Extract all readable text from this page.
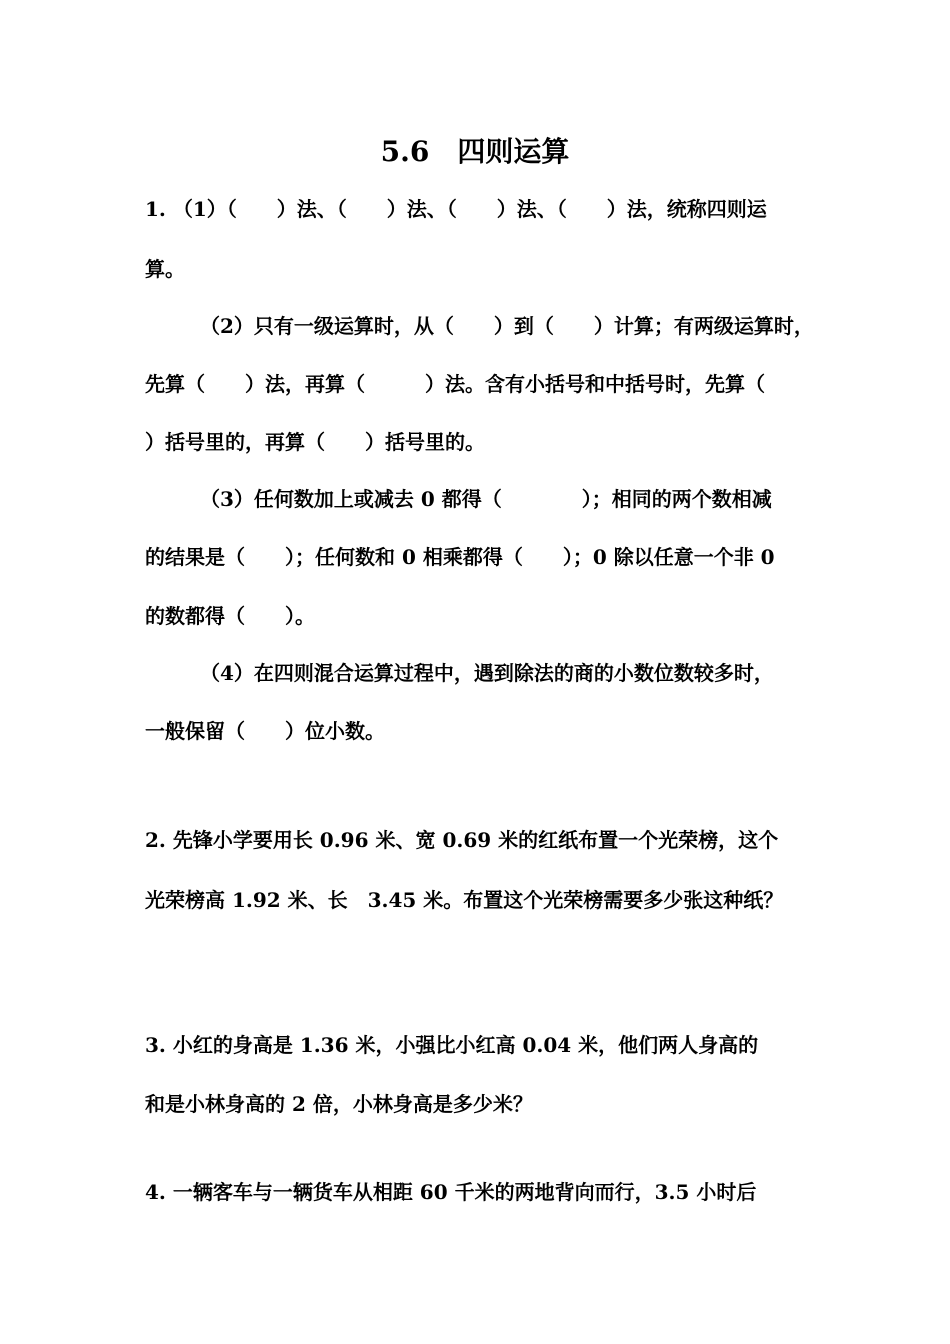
5.6　四则运算
1. （1）（　　）法、（　　）法、（　　）法、（　　）法，统称四则运
算。
（2）只有一级运算时，从（　　）到（　　）计算；有两级运算时，
先算（　　）法，再算（　　　）法。含有小括号和中括号时，先算（
）括号里的，再算（　　）括号里的。
（3）任何数加上或减去 0 都得（　　　　）；相同的两个数相减
的结果是（　　）；任何数和 0 相乘都得（　　）；0 除以任意一个非 0
的数都得（　　）。
（4）在四则混合运算过程中，遇到除法的商的小数位数较多时，
一般保留（　　）位小数。
2. 先锋小学要用长 0.96 米、宽 0.69 米的红纸布置一个光荣榜，这个
光荣榜高 1.92 米、长　3.45 米。布置这个光荣榜需要多少张这种纸？
3. 小红的身高是 1.36 米，小强比小红高 0.04 米，他们两人身高的
和是小林身高的 2 倍，小林身高是多少米？
4. 一辆客车与一辆货车从相距 60 千米的两地背向而行，3.5 小时后
